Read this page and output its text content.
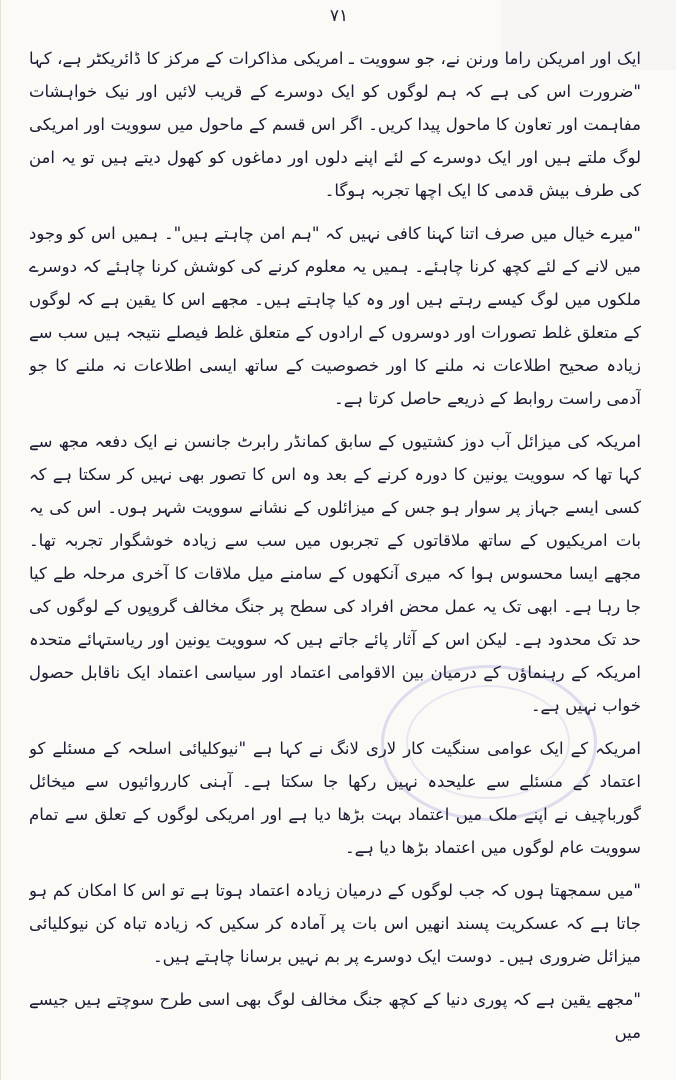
۷۱

ایک اور امریکن راما ورنن نے، جو سوویت ـ امریکی مذاکرات کے مرکز کا ڈائریکٹر ہے، کہا "ضرورت اس کی ہے کہ ہم لوگوں کو ایک دوسرے کے قریب لائیں اور نیک خواہشات مفاہمت اور تعاون کا ماحول پیدا کریں۔ اگر اس قسم کے ماحول میں سوویت اور امریکی لوگ ملتے ہیں اور ایک دوسرے کے لئے اپنے دلوں اور دماغوں کو کھول دیتے ہیں تو یہ امن کی طرف بیش قدمی کا ایک اچھا تجربہ ہوگا۔

"میرے خیال میں صرف اتنا کہنا کافی نہیں کہ "ہم امن چاہتے ہیں"۔ ہمیں اس کو وجود میں لانے کے لئے کچھ کرنا چاہئے۔ ہمیں یہ معلوم کرنے کی کوشش کرنا چاہئے کہ دوسرے ملکوں میں لوگ کیسے رہتے ہیں اور وہ کیا چاہتے ہیں۔ مجھے اس کا یقین ہے کہ لوگوں کے متعلق غلط تصورات اور دوسروں کے ارادوں کے متعلق غلط فیصلے نتیجہ ہیں سب سے زیادہ صحیح اطلاعات نہ ملنے کا اور خصوصیت کے ساتھ ایسی اطلاعات نہ ملنے کا جو آدمی راست روابط کے ذریعے حاصل کرتا ہے۔

امریکہ کی میزائل آب دوز کشتیوں کے سابق کمانڈر رابرٹ جانسن نے ایک دفعہ مجھ سے کہا تھا کہ سوویت یونین کا دورہ کرنے کے بعد وہ اس کا تصور بھی نہیں کر سکتا ہے کہ کسی ایسے جہاز پر سوار ہو جس کے میزائلوں کے نشانے سوویت شہر ہوں۔ اس کی یہ بات امریکیوں کے ساتھ ملاقاتوں کے تجربوں میں سب سے زیادہ خوشگوار تجربہ تھا۔ مجھے ایسا محسوس ہوا کہ میری آنکھوں کے سامنے میل ملاقات کا آخری مرحلہ طے کیا جا رہا ہے۔ ابھی تک یہ عمل محض افراد کی سطح پر جنگ مخالف گروپوں کے لوگوں کی حد تک محدود ہے۔ لیکن اس کے آثار پائے جاتے ہیں کہ سوویت یونین اور ریاستہائے متحدہ امریکہ کے رہنماؤں کے درمیان بین الاقوامی اعتماد اور سیاسی اعتماد ایک ناقابل حصول خواب نہیں ہے۔

امریکہ کے ایک عوامی سنگیت کار لاری لانگ نے کہا ہے "نیوکلیائی اسلحہ کے مسئلے کو اعتماد کے مسئلے سے علیحدہ نہیں رکھا جا سکتا ہے۔ آہنی کارروائیوں سے میخائل گورباچیف نے اپنے ملک میں اعتماد بہت بڑھا دیا ہے اور امریکی لوگوں کے تعلق سے تمام سوویت عام لوگوں میں اعتماد بڑھا دیا ہے۔

"میں سمجھتا ہوں کہ جب لوگوں کے درمیان زیادہ اعتماد ہوتا ہے تو اس کا امکان کم ہو جاتا ہے کہ عسکریت پسند انھیں اس بات پر آمادہ کر سکیں کہ زیادہ تباہ کن نیوکلیائی میزائل ضروری ہیں۔ دوست ایک دوسرے پر بم نہیں برسانا چاہتے ہیں۔

"مجھے یقین ہے کہ پوری دنیا کے کچھ جنگ مخالف لوگ بھی اسی طرح سوچتے ہیں جیسے میں
